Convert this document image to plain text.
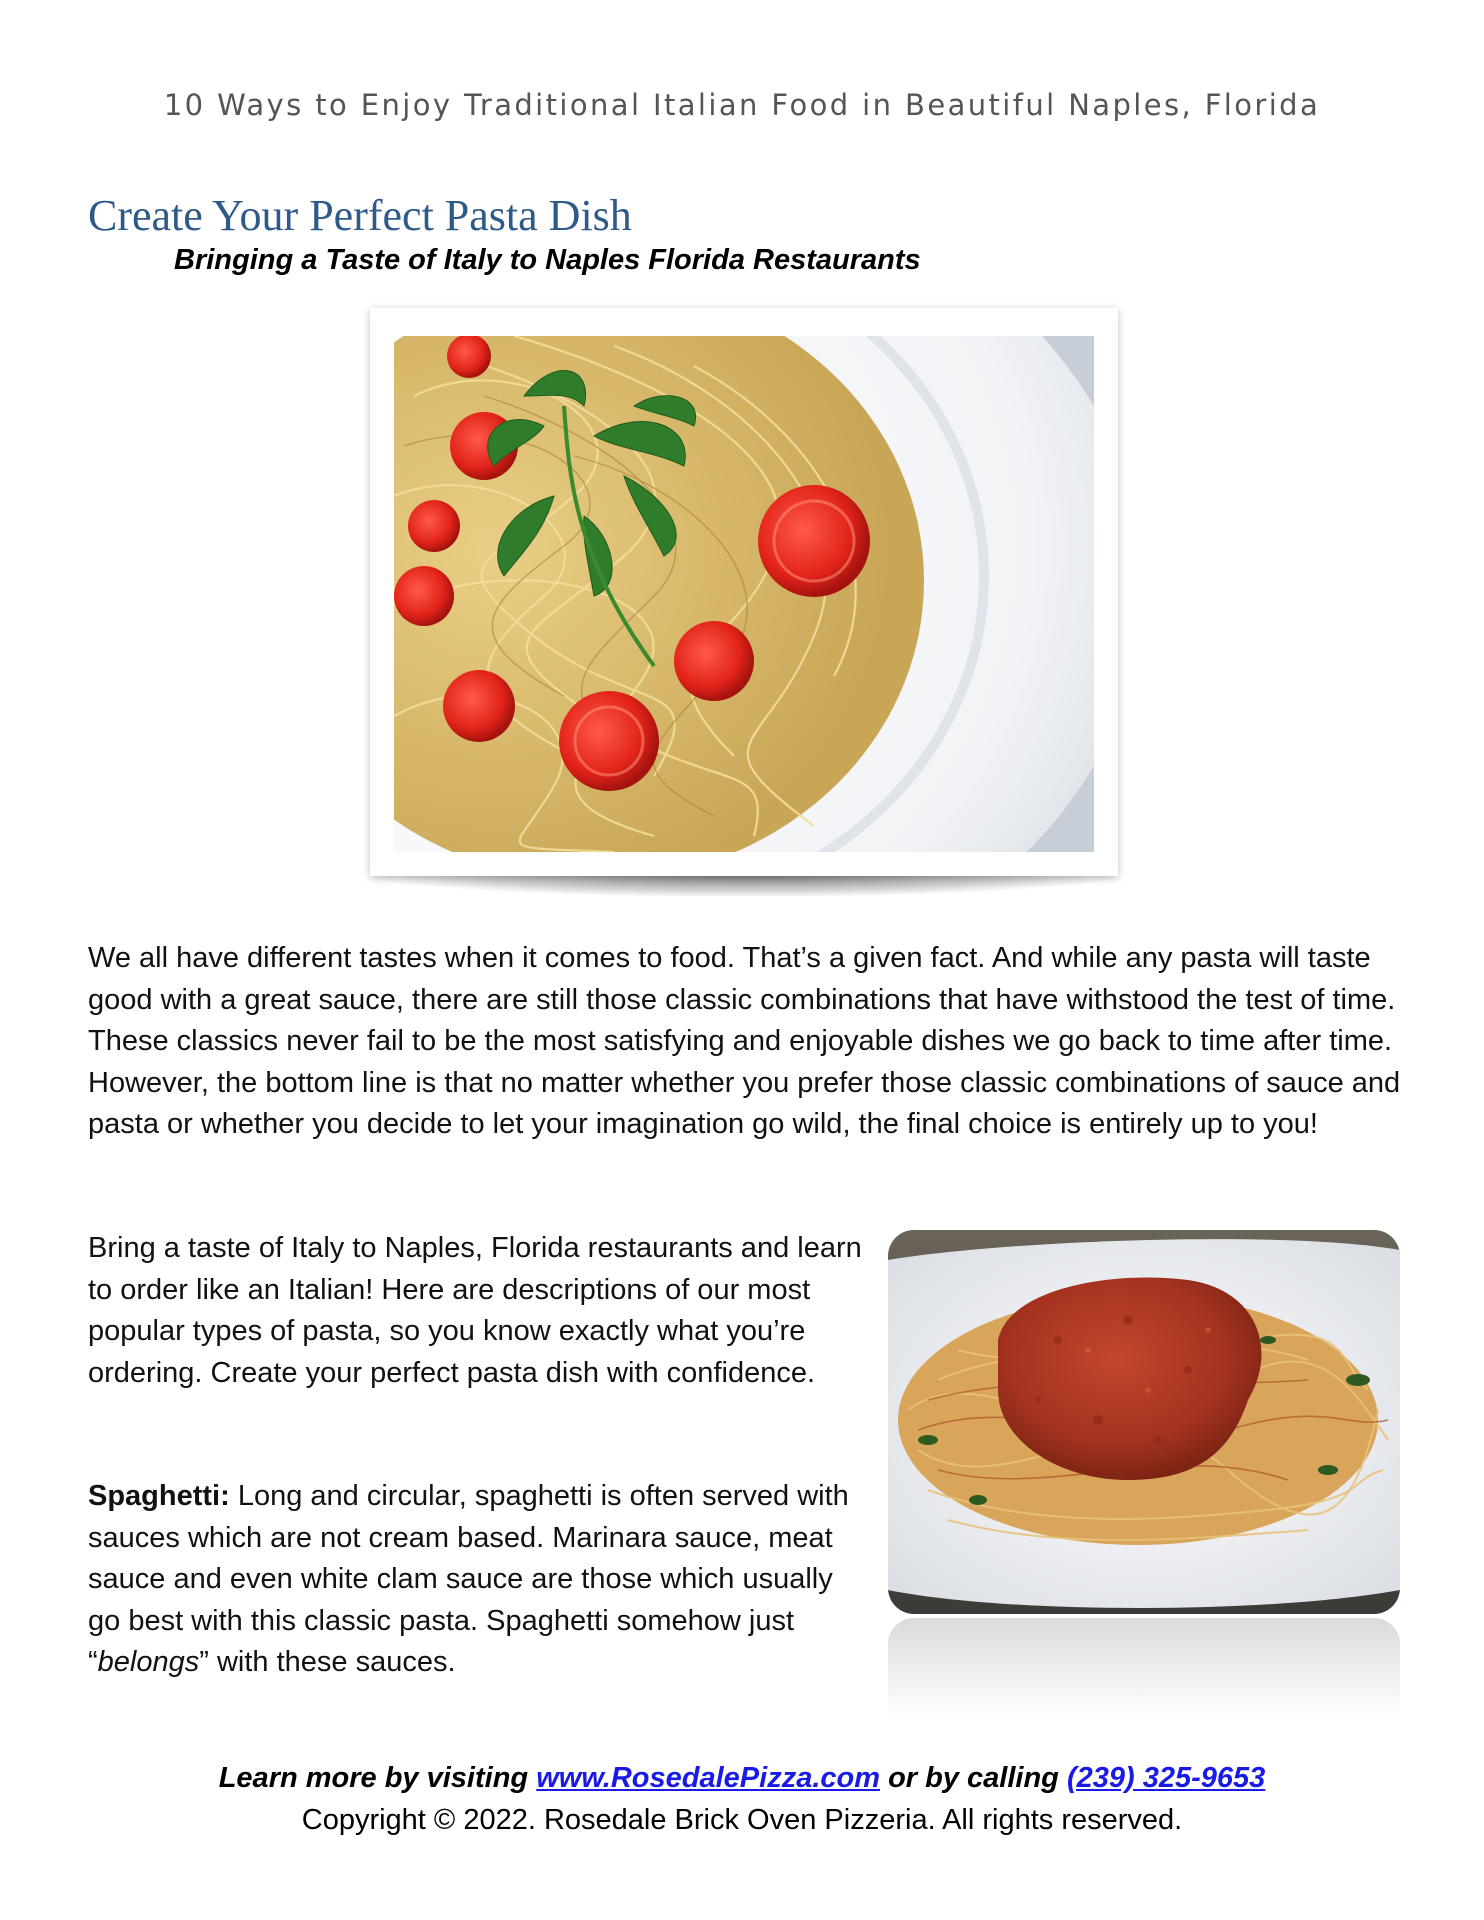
10 Ways to Enjoy Traditional Italian Food in Beautiful Naples, Florida
Create Your Perfect Pasta Dish
Bringing a Taste of Italy to Naples Florida Restaurants
We all have different tastes when it comes to food. That’s a given fact. And while any pasta will taste good with a great sauce, there are still those classic combinations that have withstood the test of time. These classics never fail to be the most satisfying and enjoyable dishes we go back to time after time. However, the bottom line is that no matter whether you prefer those classic combinations of sauce and pasta or whether you decide to let your imagination go wild, the final choice is entirely up to you!
Bring a taste of Italy to Naples, Florida restaurants and learn to order like an Italian! Here are descriptions of our most popular types of pasta, so you know exactly what you’re ordering. Create your perfect pasta dish with confidence.
Spaghetti: Long and circular, spaghetti is often served with sauces which are not cream based. Marinara sauce, meat sauce and even white clam sauce are those which usually go best with this classic pasta. Spaghetti somehow just “belongs” with these sauces.
Learn more by visiting www.RosedalePizza.com or by calling (239) 325-9653
Copyright © 2022. Rosedale Brick Oven Pizzeria. All rights reserved.
